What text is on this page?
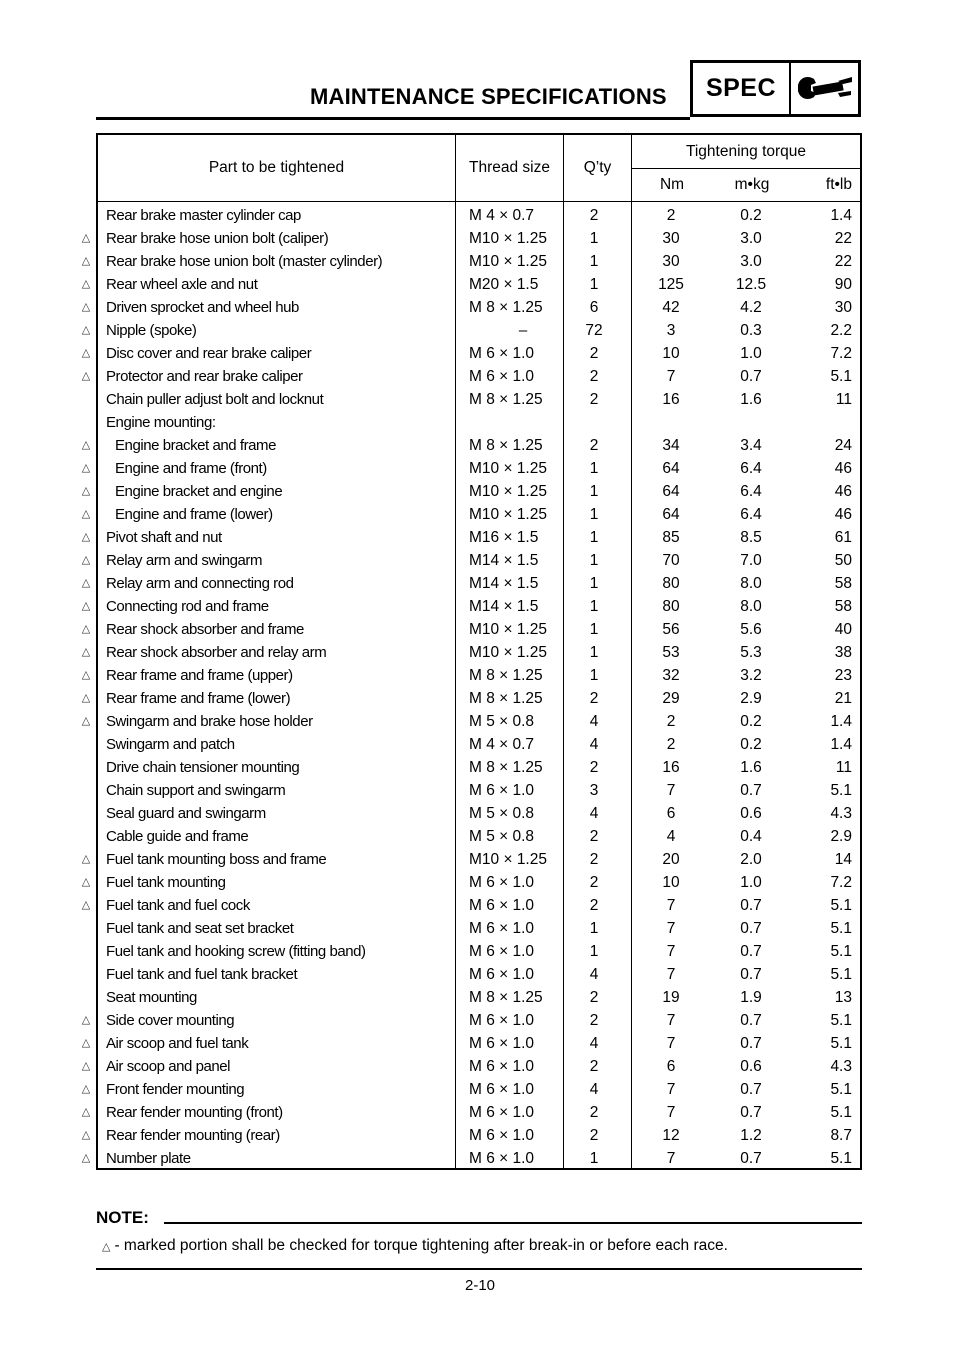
MAINTENANCE SPECIFICATIONS	SPEC
Part to be tightened	Thread size	Q’ty
Tightening torque
Nm	m•kg	ft•lb
Rear brake master cylinder cap	M 4 × 0.7	2	2	0.2	1.4
△ Rear brake hose union bolt (caliper)	M10 × 1.25	1	30	3.0	22
△ Rear brake hose union bolt (master cylinder)	M10 × 1.25	1	30	3.0	22
△ Rear wheel axle and nut	M20 × 1.5	1	125	12.5	90
△ Driven sprocket and wheel hub	M 8 × 1.25	6	42	4.2	30
△ Nipple (spoke)	–	72	3	0.3	2.2
△ Disc cover and rear brake caliper	M 6 × 1.0	2	10	1.0	7.2
△ Protector and rear brake caliper	M 6 × 1.0	2	7	0.7	5.1
Chain puller adjust bolt and locknut	M 8 × 1.25	2	16	1.6	11
Engine mounting:
△ Engine bracket and frame	M 8 × 1.25	2	34	3.4	24
△ Engine and frame (front)	M10 × 1.25	1	64	6.4	46
△ Engine bracket and engine	M10 × 1.25	1	64	6.4	46
△ Engine and frame (lower)	M10 × 1.25	1	64	6.4	46
△ Pivot shaft and nut	M16 × 1.5	1	85	8.5	61
△ Relay arm and swingarm	M14 × 1.5	1	70	7.0	50
△ Relay arm and connecting rod	M14 × 1.5	1	80	8.0	58
△ Connecting rod and frame	M14 × 1.5	1	80	8.0	58
△ Rear shock absorber and frame	M10 × 1.25	1	56	5.6	40
△ Rear shock absorber and relay arm	M10 × 1.25	1	53	5.3	38
△ Rear frame and frame (upper)	M 8 × 1.25	1	32	3.2	23
△ Rear frame and frame (lower)	M 8 × 1.25	2	29	2.9	21
△ Swingarm and brake hose holder	M 5 × 0.8	4	2	0.2	1.4
Swingarm and patch	M 4 × 0.7	4	2	0.2	1.4
Drive chain tensioner mounting	M 8 × 1.25	2	16	1.6	11
Chain support and swingarm	M 6 × 1.0	3	7	0.7	5.1
Seal guard and swingarm	M 5 × 0.8	4	6	0.6	4.3
Cable guide and frame	M 5 × 0.8	2	4	0.4	2.9
△ Fuel tank mounting boss and frame	M10 × 1.25	2	20	2.0	14
△ Fuel tank mounting	M 6 × 1.0	2	10	1.0	7.2
△ Fuel tank and fuel cock	M 6 × 1.0	2	7	0.7	5.1
Fuel tank and seat set bracket	M 6 × 1.0	1	7	0.7	5.1
Fuel tank and hooking screw (fitting band)	M 6 × 1.0	1	7	0.7	5.1
Fuel tank and fuel tank bracket	M 6 × 1.0	4	7	0.7	5.1
Seat mounting	M 8 × 1.25	2	19	1.9	13
△ Side cover mounting	M 6 × 1.0	2	7	0.7	5.1
△ Air scoop and fuel tank	M 6 × 1.0	4	7	0.7	5.1
△ Air scoop and panel	M 6 × 1.0	2	6	0.6	4.3
△ Front fender mounting	M 6 × 1.0	4	7	0.7	5.1
△ Rear fender mounting (front)	M 6 × 1.0	2	7	0.7	5.1
△ Rear fender mounting (rear)	M 6 × 1.0	2	12	1.2	8.7
△ Number plate	M 6 × 1.0	1	7	0.7	5.1
NOTE:
△ - marked portion shall be checked for torque tightening after break-in or before each race.
2-10
